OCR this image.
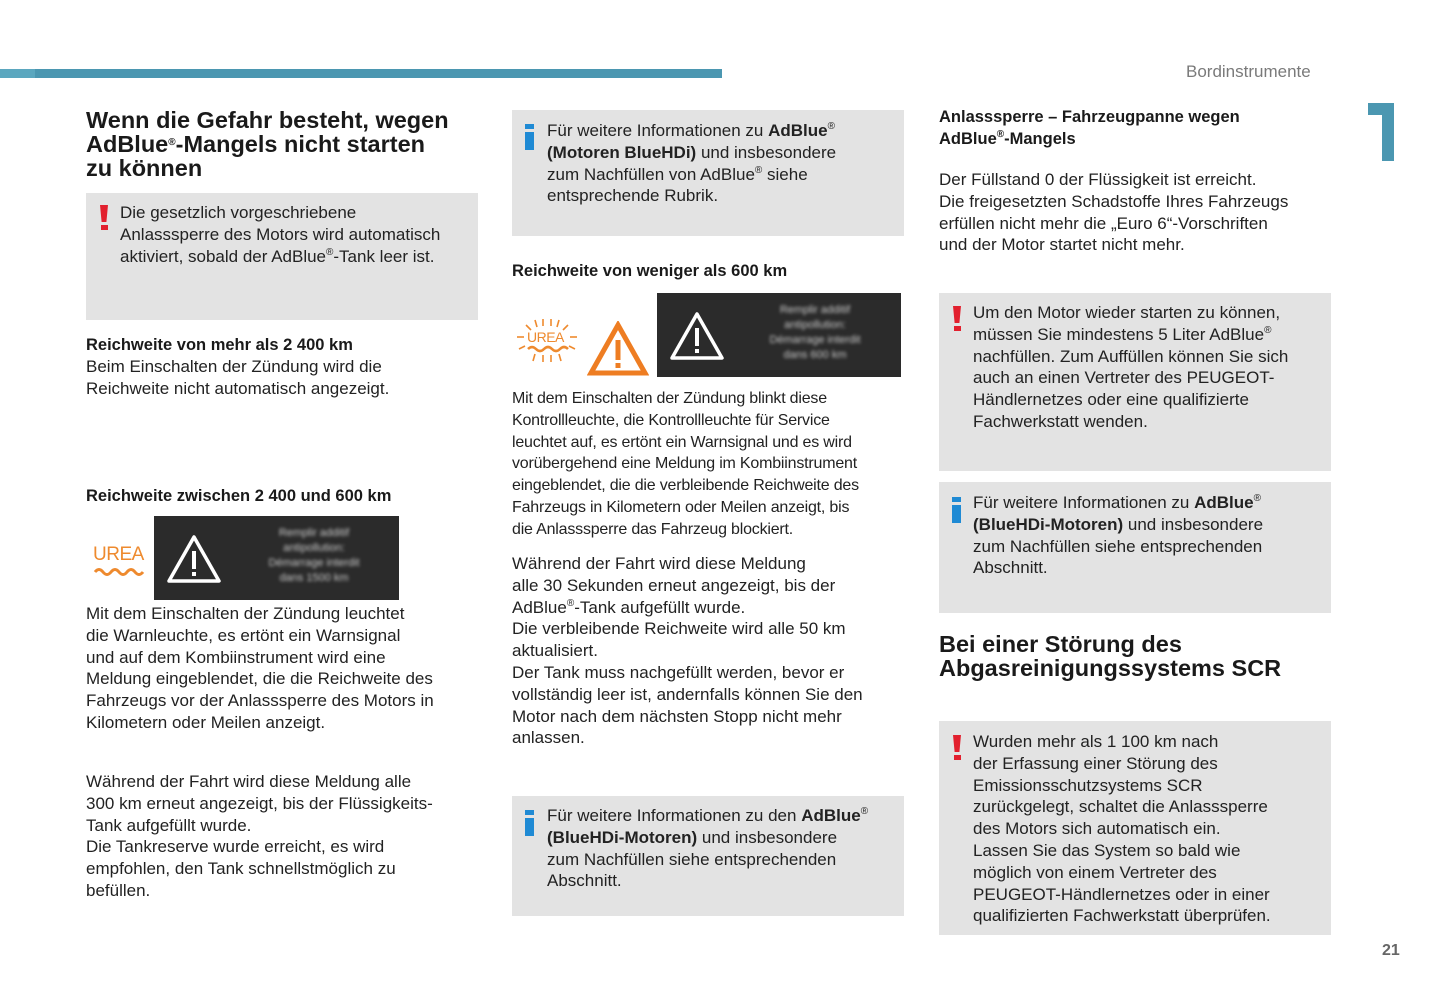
Bordinstrumente
Wenn die Gefahr besteht, wegen
AdBlue®-Mangels nicht starten
zu können
Die gesetzlich vorgeschriebene
Anlasssperre des Motors wird automatisch
aktiviert, sobald der AdBlue®-Tank leer ist.
Reichweite von mehr als 2 400 km
Beim Einschalten der Zündung wird die
Reichweite nicht automatisch angezeigt.
Reichweite zwischen 2 400 und 600 km
UREA
Remplir additif
antipollution:
Démarrage interdit
dans 1500 km
Mit dem Einschalten der Zündung leuchtet
die Warnleuchte, es ertönt ein Warnsignal
und auf dem Kombiinstrument wird eine
Meldung eingeblendet, die die Reichweite des
Fahrzeugs vor der Anlasssperre des Motors in
Kilometern oder Meilen anzeigt.
Während der Fahrt wird diese Meldung alle
300 km erneut angezeigt, bis der Flüssigkeits-
Tank aufgefüllt wurde.
Die Tankreserve wurde erreicht, es wird
empfohlen, den Tank schnellstmöglich zu
befüllen.
Für weitere Informationen zu AdBlue®
(Motoren BlueHDi) und insbesondere
zum Nachfüllen von AdBlue® siehe
entsprechende Rubrik.
Reichweite von weniger als 600 km
UREA
Remplir additif
antipollution:
Démarrage interdit
dans 600 km
Mit dem Einschalten der Zündung blinkt diese
Kontrollleuchte, die Kontrollleuchte für Service
leuchtet auf, es ertönt ein Warnsignal und es wird
vorübergehend eine Meldung im Kombiinstrument
eingeblendet, die die verbleibende Reichweite des
Fahrzeugs in Kilometern oder Meilen anzeigt, bis
die Anlasssperre das Fahrzeug blockiert.
Während der Fahrt wird diese Meldung
alle 30 Sekunden erneut angezeigt, bis der
AdBlue®-Tank aufgefüllt wurde.
Die verbleibende Reichweite wird alle 50 km
aktualisiert.
Der Tank muss nachgefüllt werden, bevor er
vollständig leer ist, andernfalls können Sie den
Motor nach dem nächsten Stopp nicht mehr
anlassen.
Für weitere Informationen zu den AdBlue®
(BlueHDi-Motoren) und insbesondere
zum Nachfüllen siehe entsprechenden
Abschnitt.
Anlasssperre – Fahrzeugpanne wegen
AdBlue®-Mangels
Der Füllstand 0 der Flüssigkeit ist erreicht.
Die freigesetzten Schadstoffe Ihres Fahrzeugs
erfüllen nicht mehr die „Euro 6“-Vorschriften
und der Motor startet nicht mehr.
Um den Motor wieder starten zu können,
müssen Sie mindestens 5 Liter AdBlue®
nachfüllen. Zum Auffüllen können Sie sich
auch an einen Vertreter des PEUGEOT-
Händlernetzes oder eine qualifizierte
Fachwerkstatt wenden.
Für weitere Informationen zu AdBlue®
(BlueHDi-Motoren) und insbesondere
zum Nachfüllen siehe entsprechenden
Abschnitt.
Bei einer Störung des
Abgasreinigungssystems SCR
Wurden mehr als 1 100 km nach
der Erfassung einer Störung des
Emissionsschutzsystems SCR
zurückgelegt, schaltet die Anlasssperre
des Motors sich automatisch ein.
Lassen Sie das System so bald wie
möglich von einem Vertreter des
PEUGEOT-Händlernetzes oder in einer
qualifizierten Fachwerkstatt überprüfen.
21
